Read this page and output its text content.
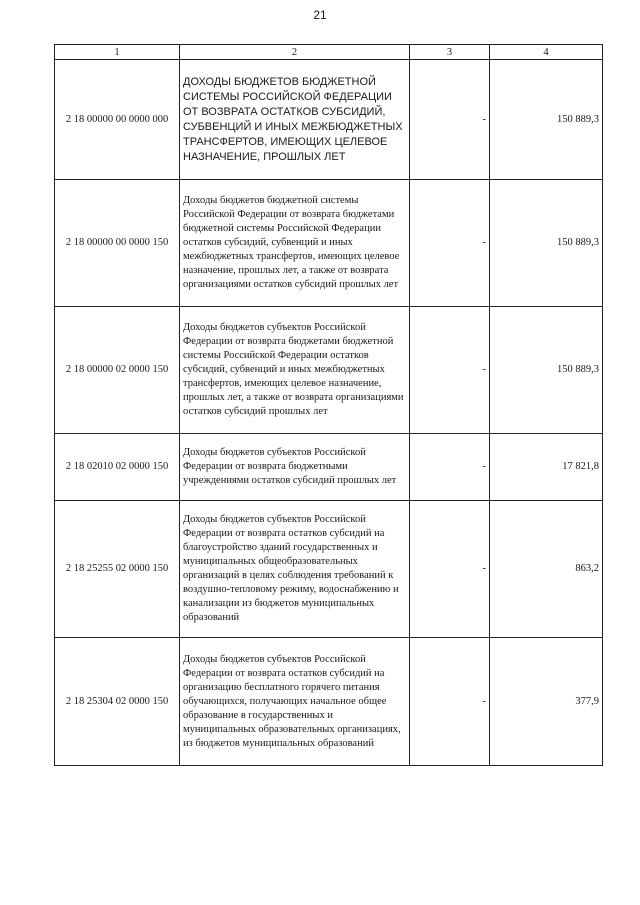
21
1	2	3	4
2 18 00000 00 0000 000	ДОХОДЫ БЮДЖЕТОВ БЮДЖЕТНОЙ СИСТЕМЫ РОССИЙСКОЙ ФЕДЕРАЦИИ ОТ ВОЗВРАТА ОСТАТКОВ СУБСИДИЙ, СУБВЕНЦИЙ И ИНЫХ МЕЖБЮДЖЕТНЫХ ТРАНСФЕРТОВ, ИМЕЮЩИХ ЦЕЛЕВОЕ НАЗНАЧЕНИЕ, ПРОШЛЫХ ЛЕТ	-	150 889,3
2 18 00000 00 0000 150	Доходы бюджетов бюджетной системы Российской Федерации от возврата бюджетами бюджетной системы Российской Федерации остатков субсидий, субвенций и иных межбюджетных трансфертов, имеющих целевое назначение, прошлых лет, а также от возврата организациями остатков субсидий прошлых лет	-	150 889,3
2 18 00000 02 0000 150	Доходы бюджетов субъектов Российской Федерации от возврата бюджетами бюджетной системы Российской Федерации остатков субсидий, субвенций и иных межбюджетных трансфертов, имеющих целевое назначение, прошлых лет, а также от возврата организациями остатков субсидий прошлых лет	-	150 889,3
2 18 02010 02 0000 150	Доходы бюджетов субъектов Российской Федерации от возврата бюджетными учреждениями остатков субсидий прошлых лет	-	17 821,8
2 18 25255 02 0000 150	Доходы бюджетов субъектов Российской Федерации от возврата остатков субсидий на благоустройство зданий государственных и муниципальных общеобразовательных организаций в целях соблюдения требований к воздушно-тепловому режиму, водоснабжению и канализации из бюджетов муниципальных образований	-	863,2
2 18 25304 02 0000 150	Доходы бюджетов субъектов Российской Федерации от возврата остатков субсидий на организацию бесплатного горячего питания обучающихся, получающих начальное общее образование в государственных и муниципальных образовательных организациях, из бюджетов муниципальных образований	-	377,9
